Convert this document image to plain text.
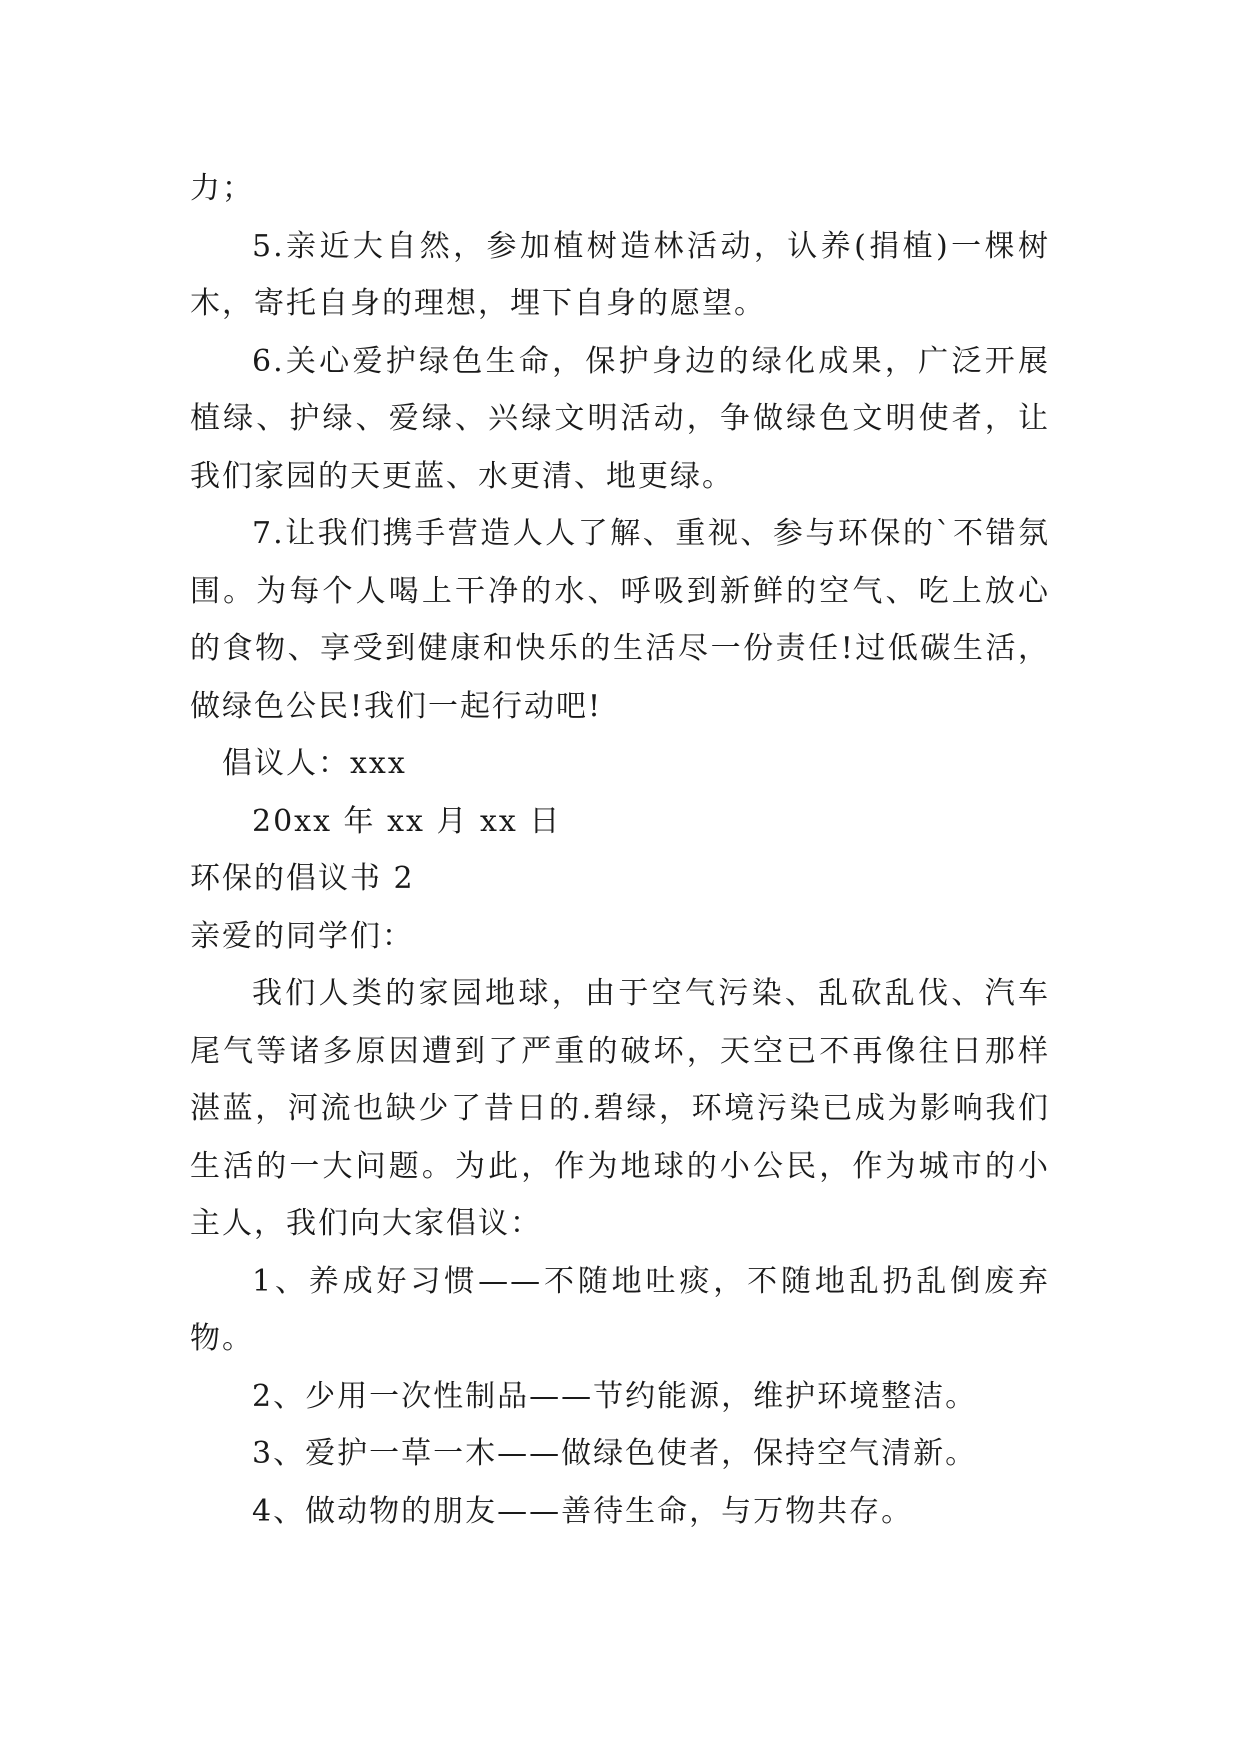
力；

5.亲近大自然，参加植树造林活动，认养(捐植)一棵树木，寄托自身的理想，埋下自身的愿望。

6.关心爱护绿色生命，保护身边的绿化成果，广泛开展植绿、护绿、爱绿、兴绿文明活动，争做绿色文明使者，让我们家园的天更蓝、水更清、地更绿。

7.让我们携手营造人人了解、重视、参与环保的`不错氛围。为每个人喝上干净的水、呼吸到新鲜的空气、吃上放心的食物、享受到健康和快乐的生活尽一份责任!过低碳生活，做绿色公民!我们一起行动吧!

倡议人：xxx

20xx 年 xx 月 xx 日

环保的倡议书 2

亲爱的同学们：

我们人类的家园地球，由于空气污染、乱砍乱伐、汽车尾气等诸多原因遭到了严重的破坏，天空已不再像往日那样湛蓝，河流也缺少了昔日的.碧绿，环境污染已成为影响我们生活的一大问题。为此，作为地球的小公民，作为城市的小主人，我们向大家倡议：

1、养成好习惯——不随地吐痰，不随地乱扔乱倒废弃物。

2、少用一次性制品——节约能源，维护环境整洁。

3、爱护一草一木——做绿色使者，保持空气清新。

4、做动物的朋友——善待生命，与万物共存。
